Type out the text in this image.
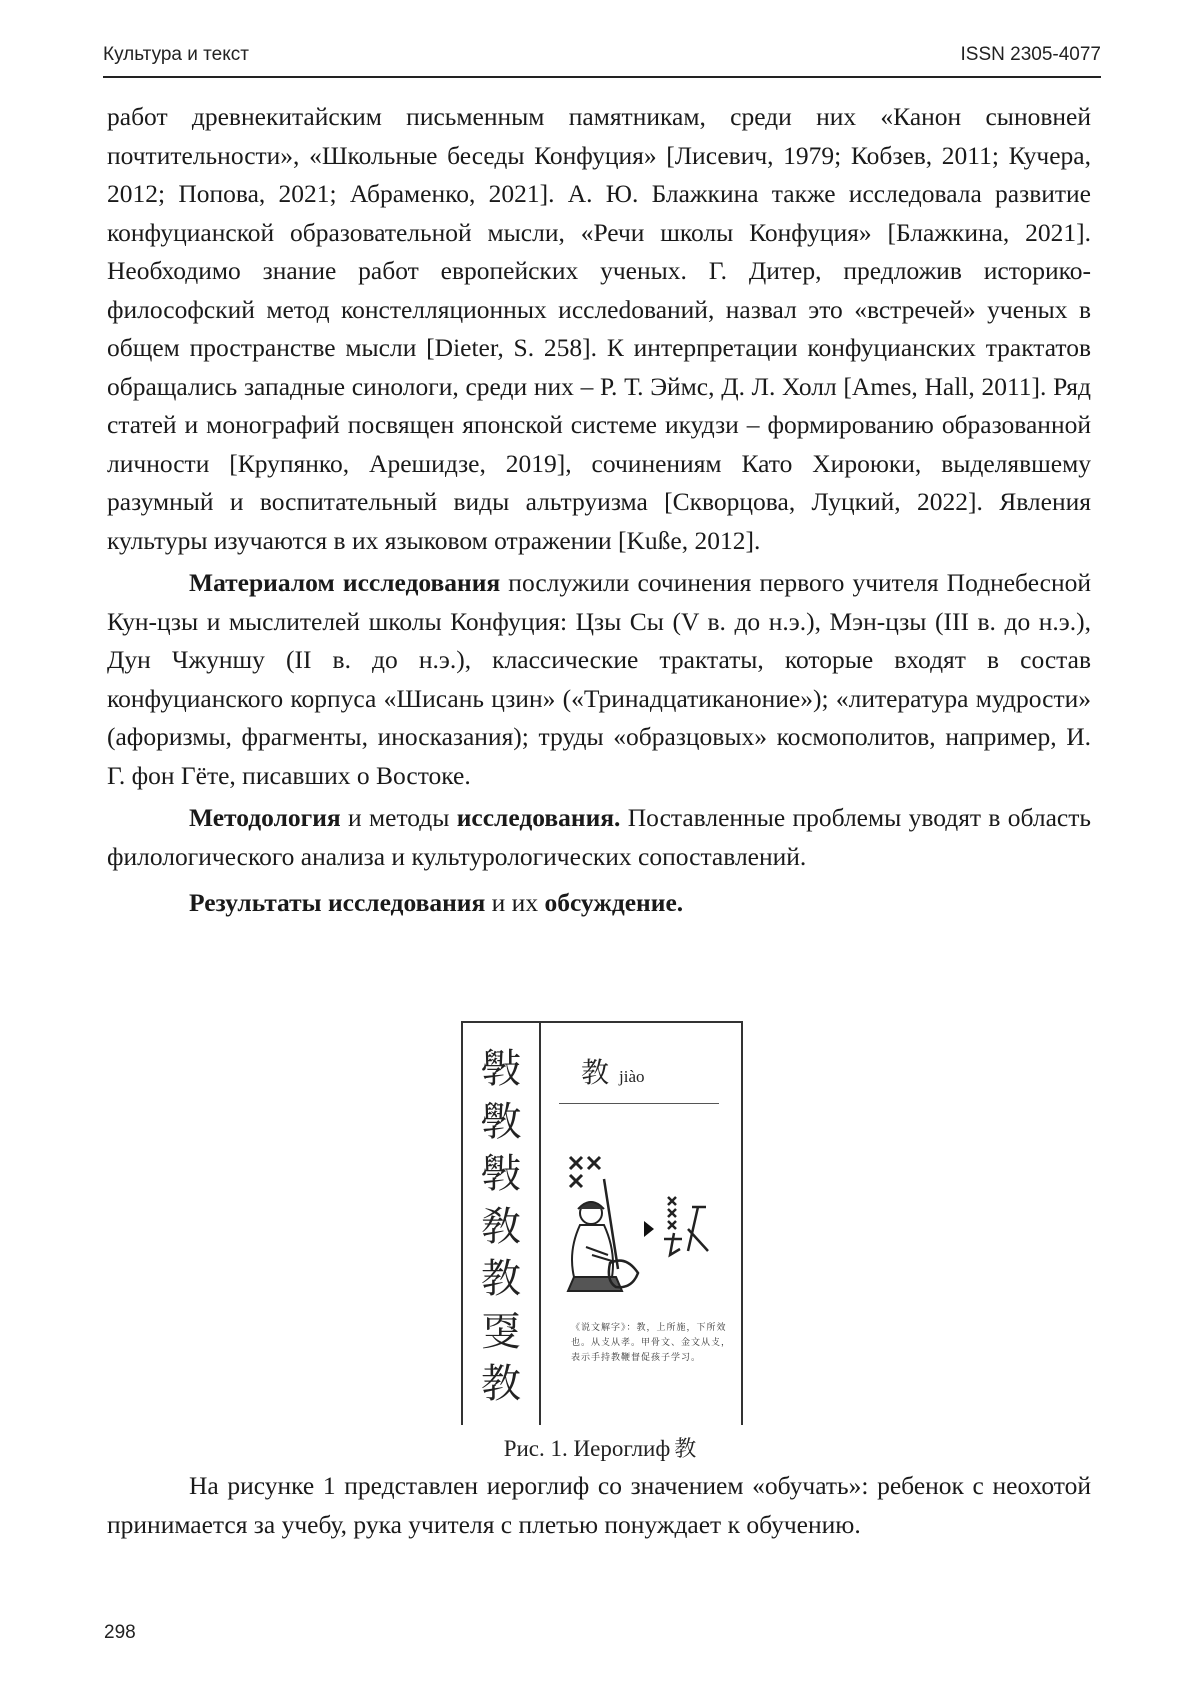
Культура и текст	ISSN 2305-4077

работ древнекитайским письменным памятникам, среди них «Канон сыновней почтительности», «Школьные беседы Конфуция» [Лисевич, 1979; Кобзев, 2011; Кучера, 2012; Попова, 2021; Абраменко, 2021]. А. Ю. Блажкина также исследовала развитие конфуцианской образовательной мысли, «Речи школы Конфуция» [Блажкина, 2021]. Необходимо знание работ европейских ученых. Г. Дитер, предложив историко-философский метод констелляционных исслеdований, назвал это «встречей» ученых в общем пространстве мысли [Dieter, S. 258]. К интерпретации конфуцианских трактатов обращались западные синологи, среди них – Р. Т. Эймс, Д. Л. Холл [Ames, Hall, 2011]. Ряд статей и монографий посвящен японской системе икудзи – формированию образованной личности [Крупянко, Арешидзе, 2019], сочинениям Като Хироюки, выделявшему разумный и воспитательный виды альтруизма [Скворцова, Луцкий, 2022]. Явления культуры изучаются в их языковом отражении [Kuße, 2012].

Материалом исследования послужили сочинения первого учителя Поднебесной Кун-цзы и мыслителей школы Конфуция: Цзы Сы (V в. до н.э.), Мэн-цзы (III в. до н.э.), Дун Чжуншу (II в. до н.э.), классические трактаты, которые входят в состав конфуцианского корпуса «Шисань цзин» («Тринадцатиканоние»); «литература мудрости» (афоризмы, фрагменты, иносказания); труды «образцовых» космополитов, например, И. Г. фон Гёте, писавших о Востоке.

Методология и методы исследования. Поставленные проблемы уводят в область филологического анализа и культурологических сопоставлений.

Результаты исследования и их обсуждение.

斅
斆
斅
敎
教
㪅
教
教jiào
《说文解字》：教，上所施，下所效也。从攴从孝。甲骨文、金文从攴，表示手持教鞭督促孩子学习。
Рис. 1. Иероглиф 教

На рисунке 1 представлен иероглиф со значением «обучать»: ребенок с неохотой принимается за учебу, рука учителя с плетью понуждает к обучению.

298
